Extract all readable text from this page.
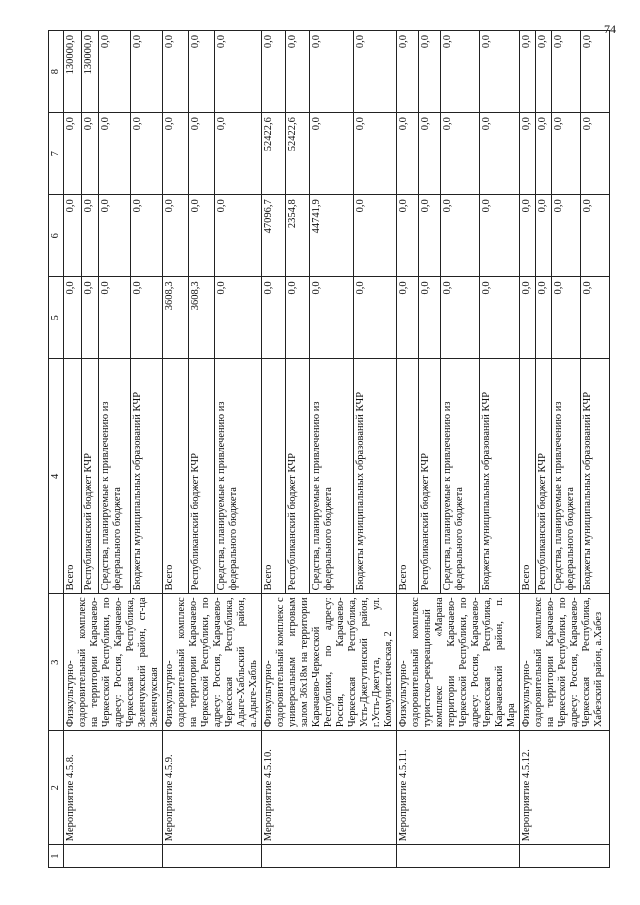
74
1	2	3	4	5	6	7	8
	Мероприятие 4.5.8.	Физкультурно-оздоровительный комплекс на территории Карачаево-Черкесской Республики, по адресу: Россия, Карачаево-Черкесская Республика, Зеленчукский район, ст-ца Зеленчукская	Всего	0,0	0,0	0,0	130000,0
			Республиканский бюджет КЧР	0,0	0,0	0,0	130000,0
			Средства, планируемые к привлечению из федерального бюджета	0,0	0,0	0,0	0,0
			Бюджеты муниципальных образований КЧР	0,0	0,0	0,0	0,0
	Мероприятие 4.5.9.	Физкультурно-оздоровительный комплекс на территории Карачаево-Черкесской Республики, по адресу: Россия, Карачаево-Черкесская Республика, Адыге-Хабльский район, а.Адыге-Хабль	Всего	3608,3	0,0	0,0	0,0
			Республиканский бюджет КЧР	3608,3	0,0	0,0	0,0
			Средства, планируемые к привлечению из федерального бюджета	0,0	0,0	0,0	0,0
	Мероприятие 4.5.10.	Физкультурно-оздоровительный комплекс с универсальным игровым залом 36х18м на территории Карачаево-Черкесской Республики, по адресу: Россия, Карачаево-Черкесская Республика, Усть-Джегутинский район, г.Усть-Джегута, ул. Коммунистическая, 2	Всего	0,0	47096,7	52422,6	0,0
			Республиканский бюджет КЧР	0,0	2354,8	52422,6	0,0
			Средства, планируемые к привлечению из федерального бюджета	0,0	44741,9	0,0	0,0
			Бюджеты муниципальных образований КЧР	0,0	0,0	0,0	0,0
	Мероприятие 4.5.11.	Физкультурно-оздоровительный комплекс туристско-рекреационный комплекс «Марана территории Карачаево-Черкесской Республики, по адресу: Россия, Карачаево-Черкесская Республика, Карачаевский район, п. Мара	Всего	0,0	0,0	0,0	0,0
			Республиканский бюджет КЧР	0,0	0,0	0,0	0,0
			Средства, планируемые к привлечению из федерального бюджета	0,0	0,0	0,0	0,0
			Бюджеты муниципальных образований КЧР	0,0	0,0	0,0	0,0
	Мероприятие 4.5.12.	Физкультурно-оздоровительный комплекс на территории Карачаево-Черкесской Республики, по адресу: Россия, Карачаево-Черкесская Республика, Хабезский район, а.Хабез	Всего	0,0	0,0	0,0	0,0
			Республиканский бюджет КЧР	0,0	0,0	0,0	0,0
			Средства, планируемые к привлечению из федерального бюджета	0,0	0,0	0,0	0,0
			Бюджеты муниципальных образований КЧР	0,0	0,0	0,0	0,0
